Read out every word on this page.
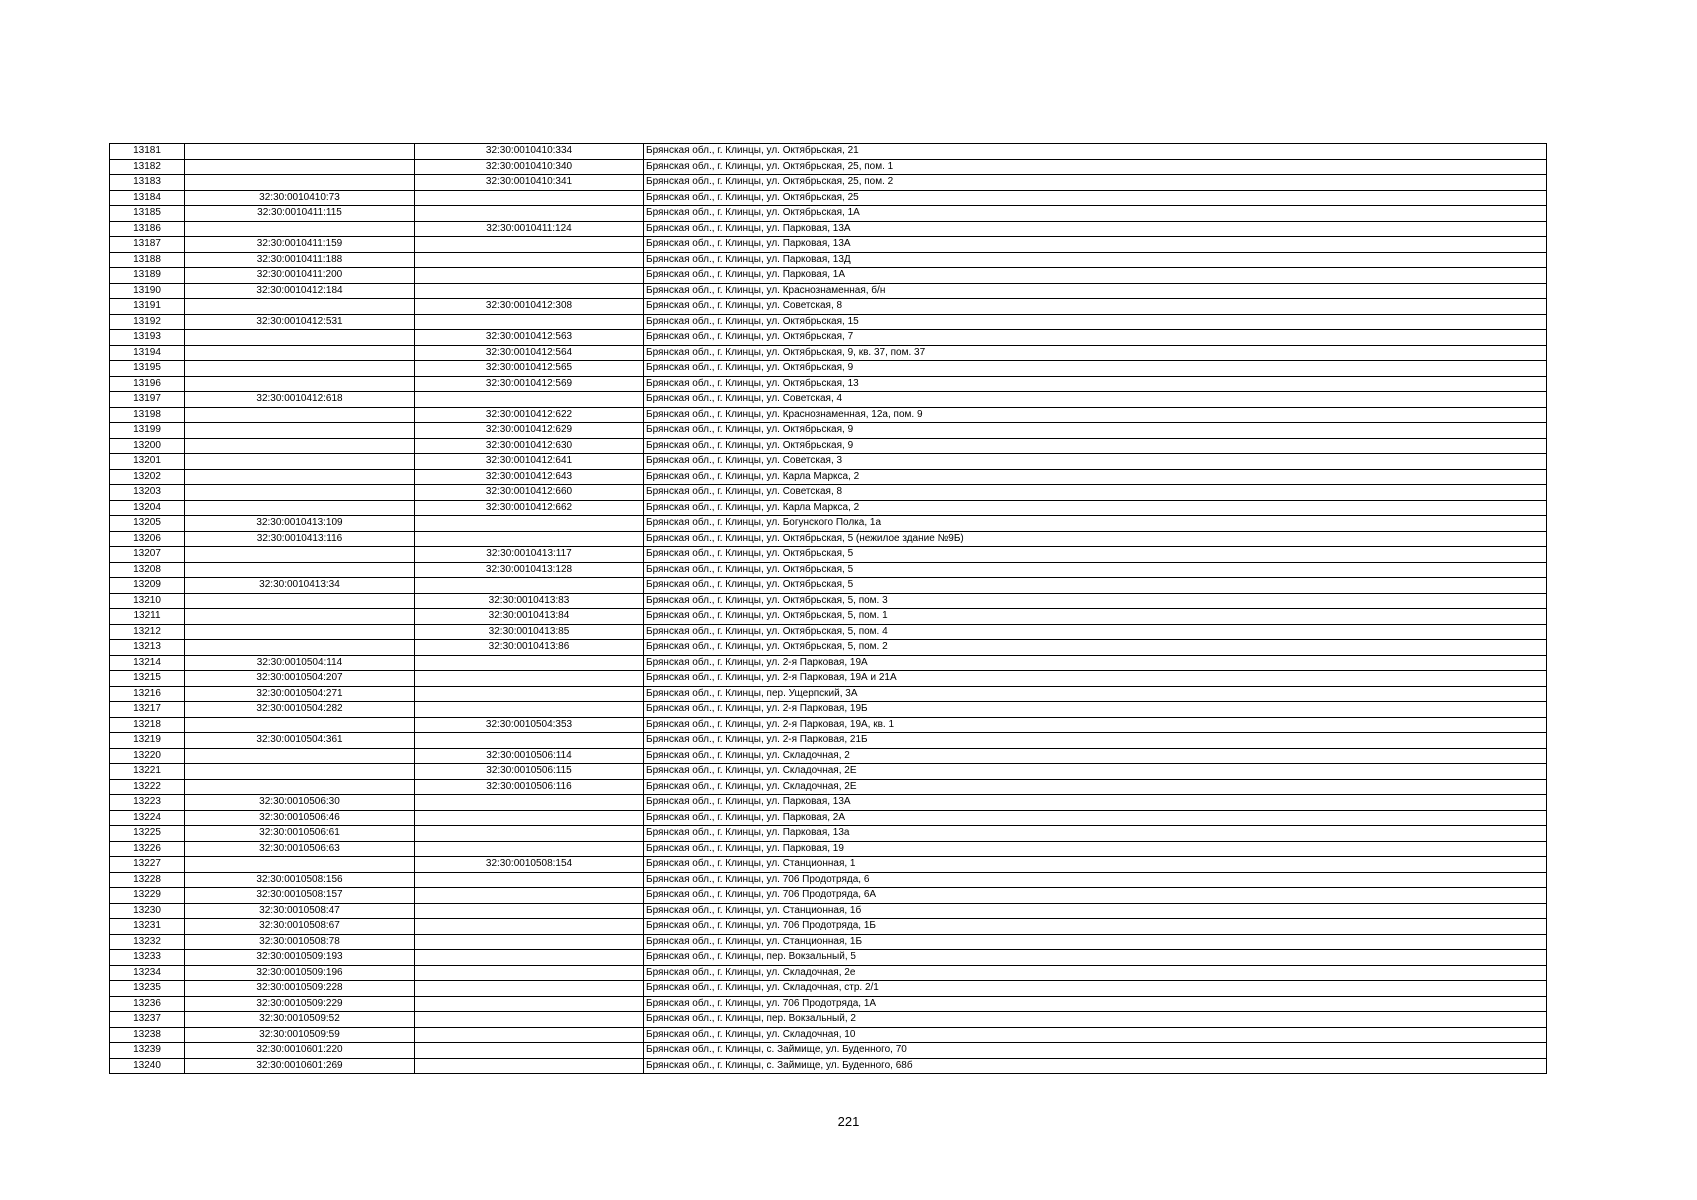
13181		32:30:0010410:334	Брянская обл., г. Клинцы, ул. Октябрьская, 21
13182		32:30:0010410:340	Брянская обл., г. Клинцы, ул. Октябрьская, 25, пом. 1
13183		32:30:0010410:341	Брянская обл., г. Клинцы, ул. Октябрьская, 25, пом. 2
13184	32:30:0010410:73		Брянская обл., г. Клинцы, ул. Октябрьская, 25
13185	32:30:0010411:115		Брянская обл., г. Клинцы, ул. Октябрьская, 1А
13186		32:30:0010411:124	Брянская обл., г. Клинцы, ул. Парковая, 13А
13187	32:30:0010411:159		Брянская обл., г. Клинцы, ул. Парковая, 13А
13188	32:30:0010411:188		Брянская обл., г. Клинцы, ул. Парковая, 13Д
13189	32:30:0010411:200		Брянская обл., г. Клинцы, ул. Парковая, 1А
13190	32:30:0010412:184		Брянская обл., г. Клинцы, ул. Краснознаменная, б/н
13191		32:30:0010412:308	Брянская обл., г. Клинцы, ул. Советская, 8
13192	32:30:0010412:531		Брянская обл., г. Клинцы, ул. Октябрьская, 15
13193		32:30:0010412:563	Брянская обл., г. Клинцы, ул. Октябрьская, 7
13194		32:30:0010412:564	Брянская обл., г. Клинцы, ул. Октябрьская, 9, кв. 37, пом. 37
13195		32:30:0010412:565	Брянская обл., г. Клинцы, ул. Октябрьская, 9
13196		32:30:0010412:569	Брянская обл., г. Клинцы, ул. Октябрьская, 13
13197	32:30:0010412:618		Брянская обл., г. Клинцы, ул. Советская, 4
13198		32:30:0010412:622	Брянская обл., г. Клинцы, ул. Краснознаменная, 12а, пом. 9
13199		32:30:0010412:629	Брянская обл., г. Клинцы, ул. Октябрьская, 9
13200		32:30:0010412:630	Брянская обл., г. Клинцы, ул. Октябрьская, 9
13201		32:30:0010412:641	Брянская обл., г. Клинцы, ул. Советская, 3
13202		32:30:0010412:643	Брянская обл., г. Клинцы, ул. Карла Маркса, 2
13203		32:30:0010412:660	Брянская обл., г. Клинцы, ул. Советская, 8
13204		32:30:0010412:662	Брянская обл., г. Клинцы, ул. Карла Маркса, 2
13205	32:30:0010413:109		Брянская обл., г. Клинцы, ул. Богунского Полка, 1а
13206	32:30:0010413:116		Брянская обл., г. Клинцы, ул. Октябрьская, 5 (нежилое здание №9Б)
13207		32:30:0010413:117	Брянская обл., г. Клинцы, ул. Октябрьская, 5
13208		32:30:0010413:128	Брянская обл., г. Клинцы, ул. Октябрьская, 5
13209	32:30:0010413:34		Брянская обл., г. Клинцы, ул. Октябрьская, 5
13210		32:30:0010413:83	Брянская обл., г. Клинцы, ул. Октябрьская, 5, пом. 3
13211		32:30:0010413:84	Брянская обл., г. Клинцы, ул. Октябрьская, 5, пом. 1
13212		32:30:0010413:85	Брянская обл., г. Клинцы, ул. Октябрьская, 5, пом. 4
13213		32:30:0010413:86	Брянская обл., г. Клинцы, ул. Октябрьская, 5, пом. 2
13214	32:30:0010504:114		Брянская обл., г. Клинцы, ул. 2-я Парковая, 19А
13215	32:30:0010504:207		Брянская обл., г. Клинцы, ул. 2-я Парковая, 19А и 21А
13216	32:30:0010504:271		Брянская обл., г. Клинцы, пер. Ущерпский, 3А
13217	32:30:0010504:282		Брянская обл., г. Клинцы, ул. 2-я Парковая, 19Б
13218		32:30:0010504:353	Брянская обл., г. Клинцы, ул. 2-я Парковая, 19А, кв. 1
13219	32:30:0010504:361		Брянская обл., г. Клинцы, ул. 2-я Парковая, 21Б
13220		32:30:0010506:114	Брянская обл., г. Клинцы, ул. Складочная, 2
13221		32:30:0010506:115	Брянская обл., г. Клинцы, ул. Складочная, 2Е
13222		32:30:0010506:116	Брянская обл., г. Клинцы, ул. Складочная, 2Е
13223	32:30:0010506:30		Брянская обл., г. Клинцы, ул. Парковая, 13А
13224	32:30:0010506:46		Брянская обл., г. Клинцы, ул. Парковая, 2А
13225	32:30:0010506:61		Брянская обл., г. Клинцы, ул. Парковая, 13а
13226	32:30:0010506:63		Брянская обл., г. Клинцы, ул. Парковая, 19
13227		32:30:0010508:154	Брянская обл., г. Клинцы, ул. Станционная, 1
13228	32:30:0010508:156		Брянская обл., г. Клинцы, ул. 706 Продотряда, 6
13229	32:30:0010508:157		Брянская обл., г. Клинцы, ул. 706 Продотряда, 6А
13230	32:30:0010508:47		Брянская обл., г. Клинцы, ул. Станционная, 1б
13231	32:30:0010508:67		Брянская обл., г. Клинцы, ул. 706 Продотряда, 1Б
13232	32:30:0010508:78		Брянская обл., г. Клинцы, ул. Станционная, 1Б
13233	32:30:0010509:193		Брянская обл., г. Клинцы, пер. Вокзальный, 5
13234	32:30:0010509:196		Брянская обл., г. Клинцы, ул. Складочная, 2е
13235	32:30:0010509:228		Брянская обл., г. Клинцы, ул. Складочная, стр. 2/1
13236	32:30:0010509:229		Брянская обл., г. Клинцы, ул. 706 Продотряда, 1А
13237	32:30:0010509:52		Брянская обл., г. Клинцы, пер. Вокзальный, 2
13238	32:30:0010509:59		Брянская обл., г. Клинцы, ул. Складочная, 10
13239	32:30:0010601:220		Брянская обл., г. Клинцы, с. Займище, ул. Буденного, 70
13240	32:30:0010601:269		Брянская обл., г. Клинцы, с. Займище, ул. Буденного, 68б
221
